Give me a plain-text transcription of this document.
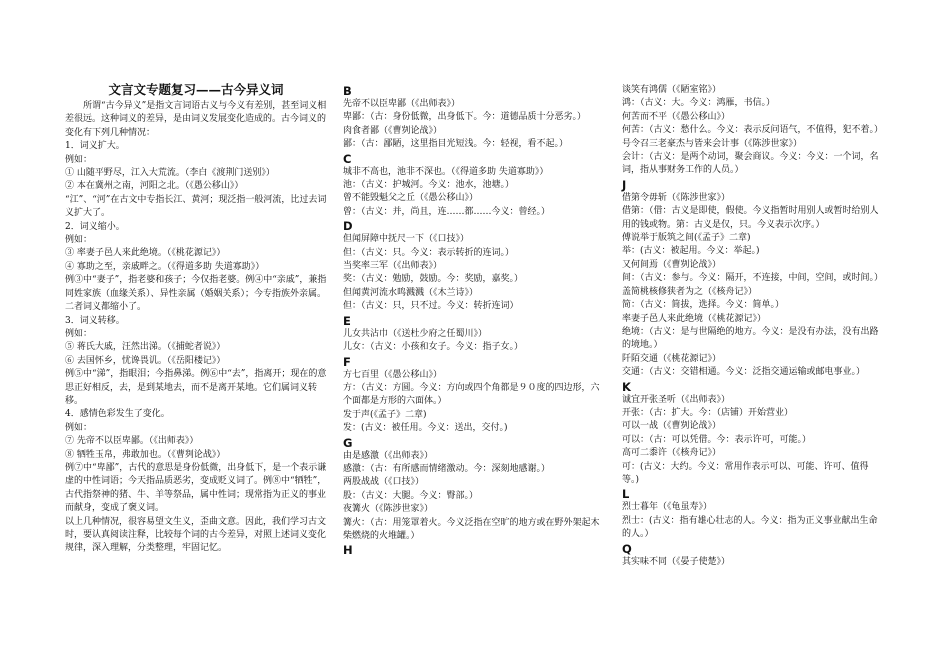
文言文专题复习——古今异义词

所谓“古今异义”是指文言词语古义与今义有差别，甚至词义相差很远。这种词义的差异，是由词义发展变化造成的。古今词义的变化有下列几种情况：

1．词义扩大。

例如：

① 山随平野尽，江入大荒流。（李白《渡荆门送别》）

② 本在冀州之南，河阳之北。（《愚公移山》）

“江”、“河”在古文中专指长江、黄河；现泛指一般河流，比过去词义扩大了。

2．词义缩小。

例如：

③ 率妻子邑人来此绝境。（《桃花源记》）

④ 寡助之至，亲戚畔之。（《得道多助 失道寡助》）

例③中“妻子”，指老婆和孩子；今仅指老婆。例④中“亲戚”，兼指同姓家族（血缘关系）、异性亲属（婚姻关系）；今专指族外亲属。二者词义都缩小了。

3．词义转移。

例如：

⑤ 蒋氏大戚，汪然出涕。（《捕蛇者说》）

⑥ 去国怀乡，忧谗畏讥。（《岳阳楼记》）

例⑤中“涕”，指眼泪；今指鼻涕。例⑥中“去”，指离开；现在的意思正好相反，去，是到某地去，而不是离开某地。它们属词义转移。

4．感情色彩发生了变化。

例如：

⑦ 先帝不以臣卑鄙。（《出师表》）

⑧ 牺牲玉帛，弗敢加也。（《曹刿论战》）

例⑦中“卑鄙”，古代的意思是身份低微，出身低下，是一个表示谦虚的中性词语；今天指品质恶劣，变成贬义词了。例⑧中“牺牲”，古代指祭神的猪、牛、羊等祭品，属中性词；现常指为正义的事业而献身，变成了褒义词。

以上几种情况，很容易望文生义，歪曲文意。因此，我们学习古文时，要认真阅读注释，比较每个词的古今差异，对照上述词义变化规律，深入理解，分类整理，牢固记忆。

B

先帝不以臣卑鄙（《出师表》）

卑鄙：（古：身份低微，出身低下。今：道德品质十分恶劣。）

肉食者鄙（《曹刿论战》）

鄙：（古：鄙陋，这里指目光短浅。今：轻视，看不起。）

C

城非不高也，池非不深也。（《得道多助 失道寡助》）

池：（古义：护城河。今义：池水，池塘。）

曾不能毁魁父之丘（《愚公移山》）

曾：（古义：并，尚且，连……都……今义：曾经。）

D

但闻屏障中抚尺一下（《口技》）

但：（古义：只。今义：表示转折的连词。）

当奖率三军（《出师表》）

奖：（古义：勉励，鼓励。今：奖励，嘉奖。）

但闻黄河流水鸣溅溅（《木兰诗》）

但：（古义：只，只不过。今义：转折连词）

E

儿女共沾巾（《送杜少府之任蜀川》）

儿女：（古义：小孩和女子。今义：指子女。）

F

方七百里（《愚公移山》）

方：（古义：方圆。今义：方向或四个角都是９０度的四边形，六个面都是方形的六面体。）

发于声(《孟子》二章)

发：(古义：被任用。今义：送出，交付。)

G

由是感激（《出师表》）

感激：（古：有所感而情绪激动。今：深刻地感谢。）

两股战战（《口技》）

股：（古义：大腿。今义：臀部。）

夜篝火（《陈涉世家》）

篝火：（古：用笼罩着火。今义泛指在空旷的地方或在野外架起木柴燃烧的火堆罐。）

H

谈笑有鸿儒（《陋室铭》）

鸿：（古义：大。今义：鸿雁，书信。）

何苦而不平（《愚公移山》）

何苦：（古义：愁什么。今义：表示反问语气，不值得，犯不着。）

号令召三老豪杰与皆来会计事（《陈涉世家》）

会计：（古义：是两个动词，聚会商议。今义：今义：一个词，名词，指从事财务工作的人员。）

J

借第令毋斩（《陈涉世家》）

借第：（借：古义是即使，假使。今义指暂时用别人或暂时给别人用的钱或物。第：古义是仅，只。今义表示次序。）

傅说举于版筑之间(《孟子》二章)

举：(古义：被起用。今义：举起。)

又何间焉（《曹刿论战》）

间：（古义：参与。今义：隔开，不连接，中间，空间，或时间。）

盖简桃核修狭者为之（《核舟记》）

简：（古义：简拔，选择。今义：简单。）

率妻子邑人来此绝境（《桃花源记》）

绝境：（古义：是与世隔绝的地方。今义：是没有办法，没有出路的境地。）

阡陌交通（《桃花源记》）

交通：（古义：交错相通。今义：泛指交通运输或邮电事业。）

K

诚宜开张圣听（《出师表》）

开张：（古：扩大。今：（店铺）开始营业）

可以一战（《曹刿论战》）

可以：（古：可以凭借。今：表示许可，可能。）

高可二黍许（《核舟记》）

可：(古义：大约。今义：常用作表示可以、可能、许可、值得等。)

L

烈士暮年（《龟虽寿》）

烈士：(古义：指有雄心壮志的人。今义：指为正义事业献出生命的人。）

Q

其实味不同（《晏子使楚》）
